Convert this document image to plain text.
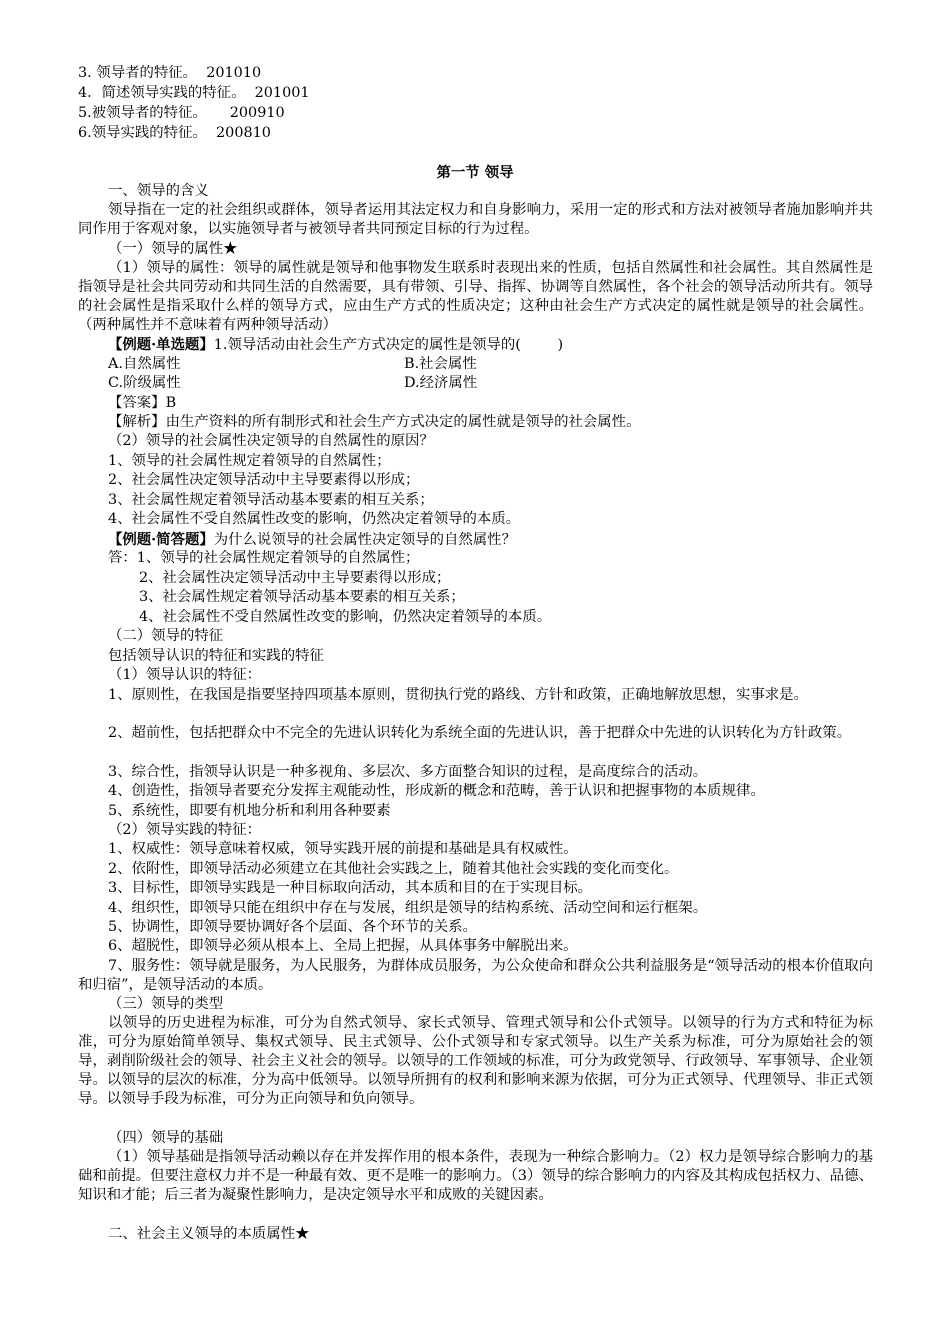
3. 领导者的特征。  201010
4．简述领导实践的特征。  201001
5.被领导者的特征。     200910
6.领导实践的特征。  200810
第一节 领导
一、领导的含义
领导指在一定的社会组织或群体，领导者运用其法定权力和自身影响力，采用一定的形式和方法对被领导者施加影响并共同作用于客观对象，以实施领导者与被领导者共同预定目标的行为过程。
（一）领导的属性★
（1）领导的属性：领导的属性就是领导和他事物发生联系时表现出来的性质，包括自然属性和社会属性。其自然属性是指领导是社会共同劳动和共同生活的自然需要，具有带领、引导、指挥、协调等自然属性，各个社会的领导活动所共有。领导的社会属性是指采取什么样的领导方式，应由生产方式的性质决定；这种由社会生产方式决定的属性就是领导的社会属性。（两种属性并不意味着有两种领导活动）
【例题·单选题】1.领导活动由社会生产方式决定的属性是领导的(        )
A.自然属性	B.社会属性
C.阶级属性	D.经济属性
【答案】B
【解析】由生产资料的所有制形式和社会生产方式决定的属性就是领导的社会属性。
（2）领导的社会属性决定领导的自然属性的原因？
1、领导的社会属性规定着领导的自然属性；
2、社会属性决定领导活动中主导要素得以形成；
3、社会属性规定着领导活动基本要素的相互关系；
4、社会属性不受自然属性改变的影响，仍然决定着领导的本质。
【例题·简答题】为什么说领导的社会属性决定领导的自然属性？
答：1、领导的社会属性规定着领导的自然属性；
2、社会属性决定领导活动中主导要素得以形成；
3、社会属性规定着领导活动基本要素的相互关系；
4、社会属性不受自然属性改变的影响，仍然决定着领导的本质。
（二）领导的特征
包括领导认识的特征和实践的特征
（1）领导认识的特征：
1、原则性，在我国是指要坚持四项基本原则，贯彻执行党的路线、方针和政策，正确地解放思想，实事求是。
2、超前性，包括把群众中不完全的先进认识转化为系统全面的先进认识，善于把群众中先进的认识转化为方针政策。
3、综合性，指领导认识是一种多视角、多层次、多方面整合知识的过程，是高度综合的活动。
4、创造性，指领导者要充分发挥主观能动性，形成新的概念和范畴，善于认识和把握事物的本质规律。
5、系统性，即要有机地分析和利用各种要素
（2）领导实践的特征：
1、权威性：领导意味着权威，领导实践开展的前提和基础是具有权威性。
2、依附性，即领导活动必须建立在其他社会实践之上，随着其他社会实践的变化而变化。
3、目标性，即领导实践是一种目标取向活动，其本质和目的在于实现目标。
4、组织性，即领导只能在组织中存在与发展，组织是领导的结构系统、活动空间和运行框架。
5、协调性，即领导要协调好各个层面、各个环节的关系。
6、超脱性，即领导必须从根本上、全局上把握，从具体事务中解脱出来。
7、服务性：领导就是服务，为人民服务，为群体成员服务，为公众使命和群众公共利益服务是“领导活动的根本价值取向和归宿”，是领导活动的本质。
（三）领导的类型
以领导的历史进程为标准，可分为自然式领导、家长式领导、管理式领导和公仆式领导。以领导的行为方式和特征为标准，可分为原始简单领导、集权式领导、民主式领导、公仆式领导和专家式领导。以生产关系为标准，可分为原始社会的领导，剥削阶级社会的领导、社会主义社会的领导。以领导的工作领域的标准，可分为政党领导、行政领导、军事领导、企业领导。以领导的层次的标准，分为高中低领导。以领导所拥有的权利和影响来源为依据，可分为正式领导、代理领导、非正式领导。以领导手段为标准，可分为正向领导和负向领导。
（四）领导的基础
（1）领导基础是指领导活动赖以存在并发挥作用的根本条件，表现为一种综合影响力。（2）权力是领导综合影响力的基础和前提。但要注意权力并不是一种最有效、更不是唯一的影响力。（3）领导的综合影响力的内容及其构成包括权力、品德、知识和才能；后三者为凝聚性影响力，是决定领导水平和成败的关键因素。
二、社会主义领导的本质属性★
